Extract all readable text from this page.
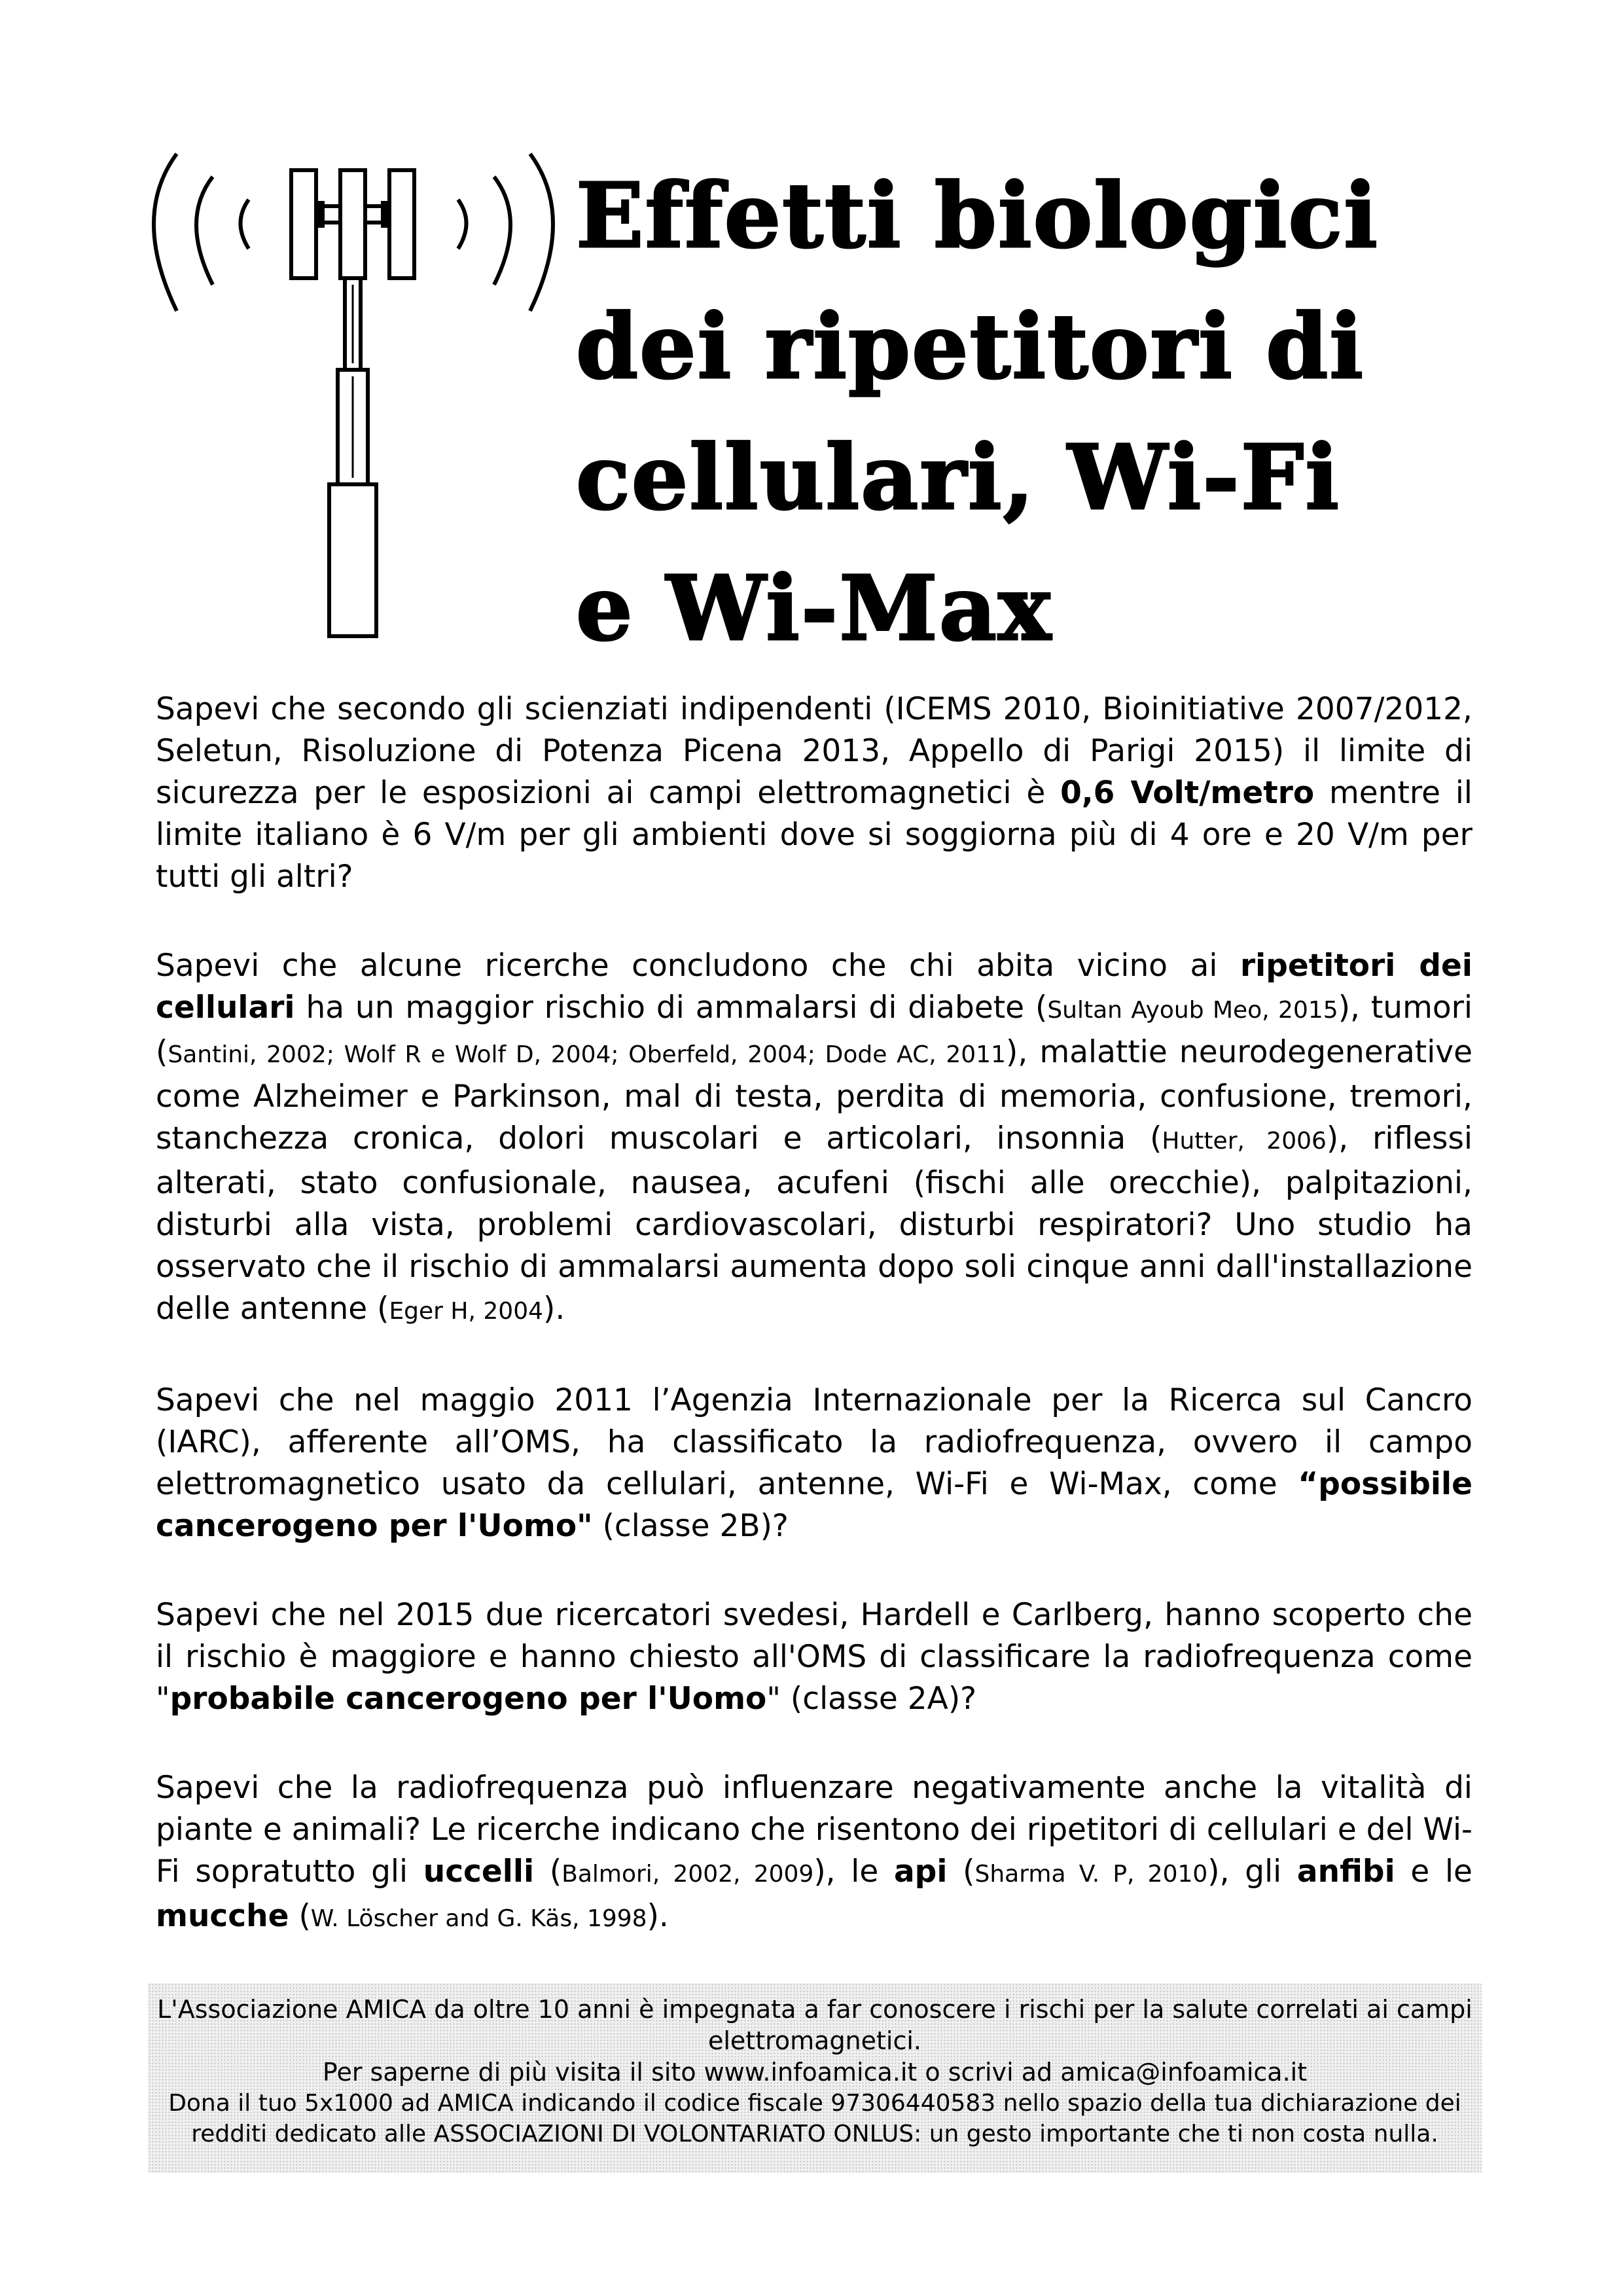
Effetti biologici
dei ripetitori di
cellulari, Wi-Fi
e Wi-Max

Sapevi che secondo gli scienziati indipendenti (ICEMS 2010, Bioinitiative 2007/2012, Seletun, Risoluzione di Potenza Picena 2013, Appello di Parigi 2015) il limite di sicurezza per le esposizioni ai campi elettromagnetici è 0,6 Volt/metro mentre il limite italiano è 6 V/m per gli ambienti dove si soggiorna più di 4 ore e 20 V/m per tutti gli altri?

Sapevi che alcune ricerche concludono che chi abita vicino ai ripetitori dei cellulari ha un maggior rischio di ammalarsi di diabete (Sultan Ayoub Meo, 2015), tumori (Santini, 2002; Wolf R e Wolf D, 2004; Oberfeld, 2004; Dode AC, 2011), malattie neurodegenerative come Alzheimer e Parkinson, mal di testa, perdita di memoria, confusione, tremori, stanchezza cronica, dolori muscolari e articolari, insonnia (Hutter, 2006), riflessi alterati, stato confusionale, nausea, acufeni (fischi alle orecchie), palpitazioni, disturbi alla vista, problemi cardiovascolari, disturbi respiratori? Uno studio ha osservato che il rischio di ammalarsi aumenta dopo soli cinque anni dall'installazione delle antenne (Eger H, 2004).

Sapevi che nel maggio 2011 l’Agenzia Internazionale per la Ricerca sul Cancro (IARC), afferente all’OMS, ha classificato la radiofrequenza, ovvero il campo elettromagnetico usato da cellulari, antenne, Wi-Fi e Wi-Max, come “possibile cancerogeno per l'Uomo" (classe 2B)?

Sapevi che nel 2015 due ricercatori svedesi, Hardell e Carlberg, hanno scoperto che il rischio è maggiore e hanno chiesto all'OMS di classificare la radiofrequenza come "probabile cancerogeno per l'Uomo" (classe 2A)?

Sapevi che la radiofrequenza può influenzare negativamente anche la vitalità di piante e animali? Le ricerche indicano che risentono dei ripetitori di cellulari e del Wi-Fi sopratutto gli uccelli (Balmori, 2002, 2009), le api (Sharma V. P, 2010), gli anfibi e le mucche (W. Löscher and G. Käs, 1998).

L'Associazione AMICA da oltre 10 anni è impegnata a far conoscere i rischi per la salute correlati ai campi elettromagnetici.
Per saperne di più visita il sito www.infoamica.it o scrivi ad amica@infoamica.it
Dona il tuo 5x1000 ad AMICA indicando il codice fiscale 97306440583 nello spazio della tua dichiarazione dei redditi dedicato alle ASSOCIAZIONI DI VOLONTARIATO ONLUS: un gesto importante che ti non costa nulla.
